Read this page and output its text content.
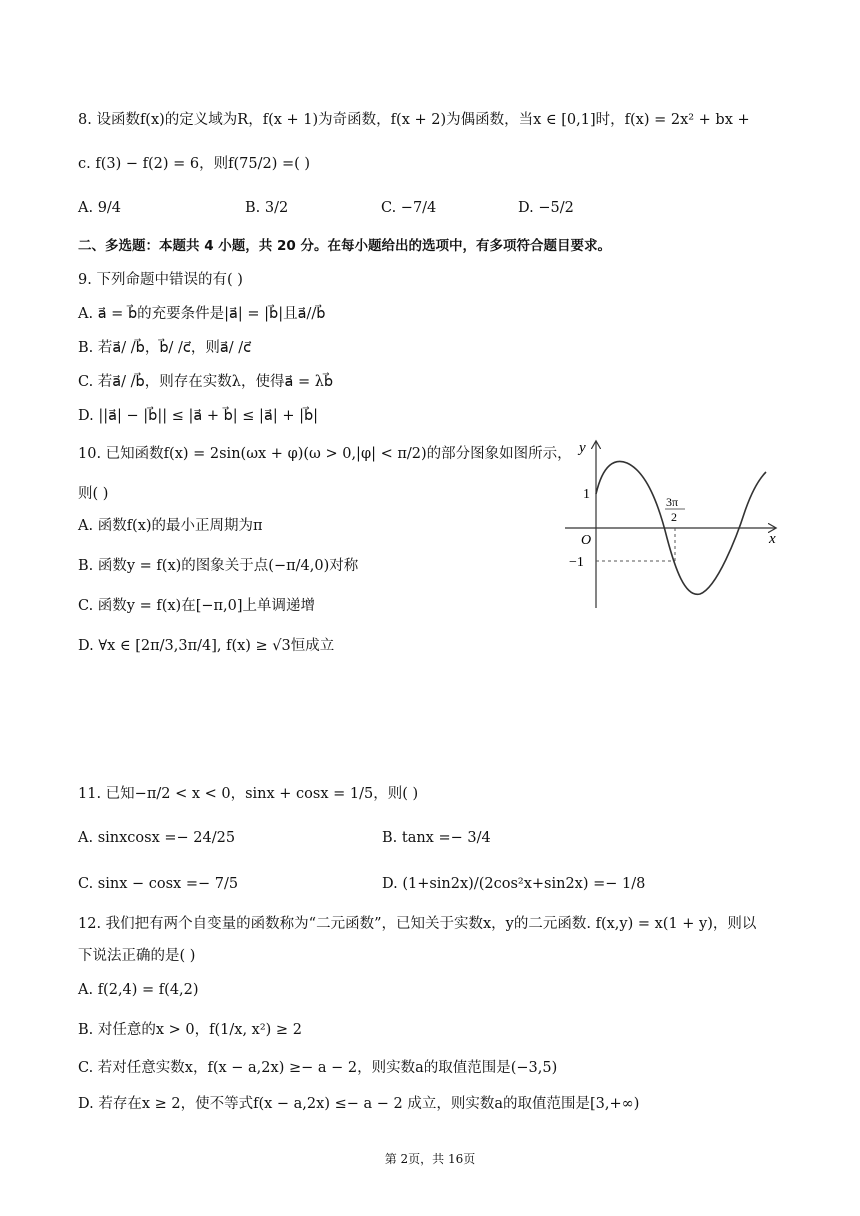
8. 设函数f(x)的定义域为R，f(x + 1)为奇函数，f(x + 2)为偶函数，当x ∈ [0,1]时，f(x) = 2x² + bx +
c. f(3) − f(2) = 6，则f(75/2) =( )
A. 9/4	B. 3/2	C. −7/4	D. −5/2
二、多选题：本题共 4 小题，共 20 分。在每小题给出的选项中，有多项符合题目要求。
9. 下列命题中错误的有( )
A. a⃗ = b⃗的充要条件是|a⃗| = |b⃗|且a⃗//b⃗
B. 若a⃗/ /b⃗，b⃗/ /c⃗，则a⃗/ /c⃗
C. 若a⃗/ /b⃗，则存在实数λ，使得a⃗ = λb⃗
D. ||a⃗| − |b⃗|| ≤ |a⃗ + b⃗| ≤ |a⃗| + |b⃗|
10. 已知函数f(x) = 2sin(ωx + φ)(ω > 0,|φ| < π/2)的部分图象如图所示，
则( )
A. 函数f(x)的最小正周期为π
B. 函数y = f(x)的图象关于点(−π/4,0)对称
C. 函数y = f(x)在[−π,0]上单调递增
D. ∀x ∈ [2π/3,3π/4], f(x) ≥ √3恒成立
y
x
O
1
−1
3π
2
11. 已知−π/2 < x < 0，sinx + cosx = 1/5，则( )
A. sinxcosx =− 24/25	B. tanx =− 3/4
C. sinx − cosx =− 7/5	D. (1+sin2x)/(2cos²x+sin2x) =− 1/8
12. 我们把有两个自变量的函数称为“二元函数”，已知关于实数x，y的二元函数. f(x,y) = x(1 + y)，则以
下说法正确的是( )
A. f(2,4) = f(4,2)
B. 对任意的x > 0，f(1/x, x²) ≥ 2
C. 若对任意实数x，f(x − a,2x) ≥− a − 2，则实数a的取值范围是(−3,5)
D. 若存在x ≥ 2，使不等式f(x − a,2x) ≤− a − 2 成立，则实数a的取值范围是[3,+∞)
第 2页，共 16页
